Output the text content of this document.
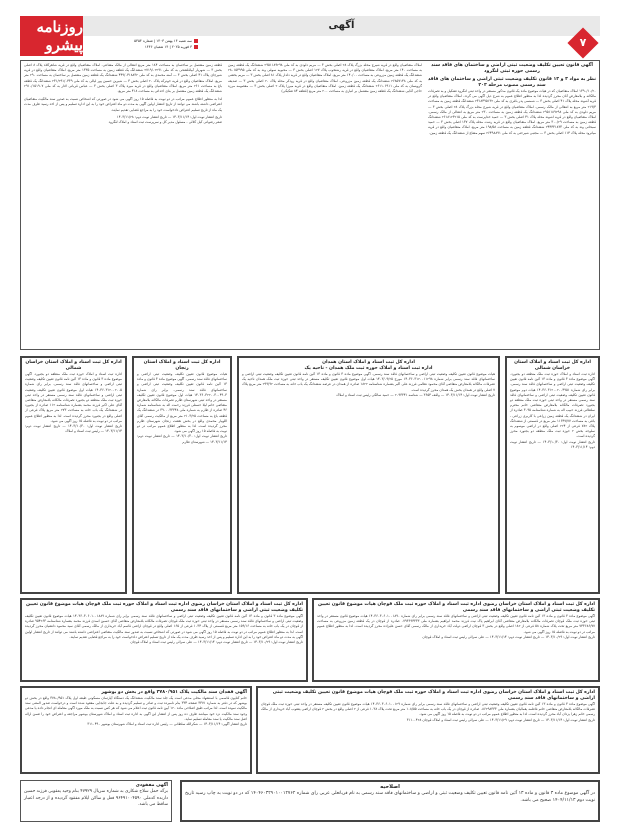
روزنامه پیشرو
آگهی
سه شنبه ۱۴ بهمن ۱۴۰۳ | شماره ۵۳۵۴
۳ فوریه ۲۰۲۵ | ۱۴ شعبان ۱۴۴۶	۷
آگهی قانون تعیین تکلیف وضعیت ثبتی اراضی و ساختمان های فاقد سند رسمی حوزه ثبتی لنگرود
نظر به مواد ۳ و ۱۳ قانون تکلیف وضعیت ثبتی اراضی و ساختمان های فاقد سند رسمی مصوب مرحله ۲۰۳

۱۳۹۰/۱۰/۲۰ املاک متقاضیان که در هیات موضوع ماده یک قانون مذکور مستقر در واحد ثبتی لنگرود تشکیل و به تصرفات مالکانه و بلامعارض آنان محرز گردیده لذا به منظور اطلاع عموم به شرح ذیل آگهی می گردد. املاک متقاضیان واقع در قریه آشوند محله پلاک ۴۱ اصلی بخش ۳ — شمسی پدر بافری به کد ملی ۲۳۱۸۴۹۵۱۳۲ ششدانگ قطعه زمین به مساحت ۲۱۹/۴ متر مربع به انتقالی از مالک رسمی. املاک متقاضیان واقع در قریه شیرج محله بزرگ پلاک ۲۸ اصلی بخش ۳ — مریم دلودی به کد ملی ۲۹۵۱۱۸۹۲۹۸ ششدانگ یک قطعه زمین به مساحت ۲۳۰ متر مربع به انتقالی از مالک رسمی. املاک متقاضیان واقع در قریه اشوند محله پلاک ۴۱ اصلی بخش ۳ — حمید خداپرست به کد ملی ۲۶۱۸۱۲۳۲۱۵ ششدانگ قطعه زمین به مساحت ۳۰۰/۲۹ متر مربع. املاک متقاضیان واقع در قریه رشت محله پلاک ۱۳۷ اصلی بخش ۳ — حمید سبحانی وند به کد ملی ۲۴۴۴۳۱۸۳۳ ششدانگ قطعه زمین به مساحت ۱۹۸/۵۸ متر مربع. املاک متقاضیان واقع در قریه میانرود محله پلاک ۱۱۴ اصلی بخش ۳ — مجتبی شیرحتی به کد ملی ۲۶۴۹۸۸۹۱ سهم مشاع از ششدانگ یک قطعه زمین.

املاک متقاضیان واقع در قریه شیرج محله بزرگ پلاک ۲۸ اصلی بخش ۳ — مریم دلودی به کد ملی ۲۹۵۱۱۸۹۲۹۸ ششدانگ یک قطعه زمین به مساحت ۱۴۰ متر مربع. املاک متقاضیان واقع در قریه رشتخوب پلاک ۱۲۷ اصلی بخش ۳ — محبوبه سوقی وند به کد ملی ۲۸۰۱۵۴۹۹۵ ششدانگ یک قطعه زمین مزروعی به مساحت ۱۴۰/۰۰ متر مربع. املاک متقاضیان واقع در قریه دلدار پلاک ۸۱ اصلی بخش ۳ — مریم بخشی به کد ملی ۲۶۸۵۷۱۴۸ ششدانگ یک قطعه زمین مزروعی. املاک متقاضیان واقع در قریه رودکر محله پلاک ۲۰ اصلی بخش ۳ — صدیقه گرویسان به کد ملی ۲۶۱۱۰۶۹۱۱ ششدانگ یک قطعه زمین. املاک متقاضیان واقع در قریه میرزا پلاک ۲ اصلی بخش ۳ — معصومه مرزه حاجی آقایی ششدانگ یک قطعه زمین مشتمل بر انباری به مساحت ۲۰۰ متر مربع (قطعه ۸۴ تفکیکی)

قطعه زمین مشتمل بر ساختمان به مساحت ۱۸۴ متر مربع انتقالی از مالک مشاعی. املاک متقاضیان واقع در قریه شاهرکلاه پلاک ۸ اصلی بخش ۳ — شهریار آبیاقلشحی به کد ملی ۲۷۱۹/۰۲۲۹۱ ششدانگ یک قطعه زمین به مساحت ۱۳۳۵ متر مربع. املاک متقاضیان واقع در قریه شیرچای پلاک ۴۱ اصلی بخش ۳ — آمنه محمدی به کد ملی ۴۴۹/۰۴۱۸۸۳۲ ششدانگ یک قطعه زمین مشتمل بر ساختمان به مساحت ۲۹۰ متر مربع. املاک متقاضیان واقع در قریه خونرکه پلاک ۲۰ اصلی بخش ۳ — شیرین حسین پور لیالی به کد ملی ۲۳۱/۲۹۱/۰۴۳۹ ششدانگ یک قطعه باغ به مساحت ۲۶۱ متر مربع. املاک متقاضیان واقع در قریه میره پلاک ۳ اصلی بخش ۳ — عباس قربانی لاتار به کد ملی ۲۹۱۰/۱۵۱۹۰۷ ششدانگ یک قطعه زمین مشتمل بر بنای احداثی به مساحت ۴۱۸ متر مربع.

لذا به منظور اطلاع عموم مراتب در دو نوبت به فاصله ۱۵ روز آگهی می شود در صورتی که اشخاص نسبت به صدور سند مالکیت متقاضیان اعتراضی داشته باشند می توانند از تاریخ انتشار اولین آگهی به مدت دو ماه اعتراض خود را به این اداره تسلیم و پس از اخذ رسید ظرف مدت یک ماه از تاریخ تسلیم اعتراض دادخواست خود را به مراجع قضایی تقدیم نمایند.

تاریخ انتشار نوبت اول: ۱۴۰۳/۱۱/۱۴ — تاریخ انتشار نوبت دوم: ۱۴۰۳/۱۱/۲۸

صفر رضوانی کیل کلائی - مسئول مدیر کل و سرپرست ثبت اسناد و املاک لنگرود

اداره کل ثبت اسناد و املاک استان خراسان شمالی

اداره ثبت اسناد و املاک حوزه ثبت ملک منطقه دو بجنورد. آگهی موضوع ماده ۳ قانون و ماده ۱۳ آئین نامه قانون تعیین تکلیف وضعیت ثبتی اراضی و ساختمانهای فاقد سند رسمی. برابر رای شماره ۱۴۰۳۶۰۳۱۲۰۰۲۰۰۵ هیات اول موضوع قانون تعیین تکلیف وضعیت ثبتی اراضی و ساختمانهای فاقد سند رسمی مستقر در واحد ثبتی حوزه ثبت ملک منطقه دو بجنورد تصرفات مالکانه بلامعارض متقاضی آقای علی اکبر فرزند محمد بشماره شناسنامه ۱۱۲ صادره از بجنورد در ششدانگ یک باب خانه به مساحت ۲۷۳ متر مربع پلاک فرعی از اصلی واقع در بجنورد محرز گردیده است. لذا به منظور اطلاع عموم مراتب در دو نوبت به فاصله ۱۵ روز آگهی می شود.

تاریخ انتشار نوبت اول: ۱۴۰۳/۱۰/۳۰ — تاریخ انتشار نوبت دوم: ۱۴۰۳/۱۱/۱۴ — رئیس ثبت اسناد و املاک

اداره کل ثبت اسناد و املاک استان زنجان

هیات موضوع قانون تعیین تکلیف وضعیت ثبتی اراضی و ساختمانهای فاقد سند رسمی. آگهی موضوع ماده ۳ قانون و ماده ۱۳ آئین نامه قانون تعیین تکلیف وضعیت ثبتی اراضی و ساختمانهای فاقد سند رسمی. برابر رای شماره ۱۴۰۳۶۰۳۲۲۰۰۳۰۰۴۹۰۳ هیات اول موضوع قانون تعیین تکلیف مستقر در واحد ثبتی شهرستان طارم تصرفات مالکانه بلامعارض متقاضی خانم لیلا حسنلی فرزند رحمت اله به شناسنامه شماره ۴۶ صادره از طارم به شماره ملی ۳۹۰۰۰۳۳۳۴۸ در ششدانگ یک قطعه باغ به مساحت ۲۱۰۳/۲۵ متر مربع از مالکیت رسمی آقای اللهیار محمدی واقع در بخش هشت زنجان شهرستان طارم محرز گردیده است. لذا به منظور اطلاع عموم مراتب در دو نوبت به فاصله ۱۵ روز آگهی می شود.

تاریخ انتشار نوبت اول: ۱۴۰۳/۱۰/۳۰ — تاریخ انتشار نوبت دوم: ۱۴۰۳/۱۱/۱۴ — شهرستان طارم

اداره کل ثبت اسناد و املاک استان همدان
اداره ثبت اسناد و املاک حوزه ثبت ملک همدان - ناحیه یک

هیات موضوع قانون تعیین تکلیف وضعیت ثبتی اراضی و ساختمانهای فاقد سند رسمی. آگهی موضوع ماده ۳ قانون و ماده ۱۳ آئین نامه قانون تعیین تکلیف وضعیت ثبتی اراضی و ساختمانهای فاقد سند رسمی برابر شماره ۱۴۰۳۶۰۳۱۲۰۰۱۱۲۹۸ مورخ ۱۴۰۳/۰۹/۲۵ هیات اول موضوع قانون تعیین تکلیف مستقر در واحد ثبتی حوزه ثبت ملک همدان ناحیه یک تصرفات مالکانه بلامعارض متقاضی آقای محمود نظامی فرزند علی اکبر بشماره شناسنامه ۱۸۲۲ صادره از همدان در عرصه ششدانگ یک باب خانه به مساحت ۲۹۹/۹۲ متر مربع پلاک ۷ اصلی واقع در همدان بخش یک همدان محرز گردیده است.

تاریخ انتشار نوبت اول: ۱۴۰۳/۱۱/۱۴ — واقف ۳۶۵۴ — شناسه ۲۰۹۳۳۴۱ — حمید سالکی رئیس ثبت اسناد و املاک

اداره کل ثبت اسناد و املاک استان خراسان شمالی

اداره ثبت اسناد و املاک حوزه ثبت ملک منطقه دو بجنورد. آگهی موضوع ماده ۳ قانون و ماده ۱۳ آئین نامه قانون تعیین تکلیف وضعیت ثبتی اراضی و ساختمانهای فاقد سند رسمی. برابر رای شماره ۱۴۰۳۶۰۳۱۲۰۰۲۰۰۴۹۵۱ هیات دوم موضوع قانون تعیین تکلیف وضعیت ثبتی اراضی و ساختمانهای فاقد سند رسمی مستقر در واحد ثبتی حوزه ثبت ملک منطقه دو بجنورد تصرفات مالکانه بلامعارض متقاضی خانم محترم سلطانی فرزند حبیب اله به شماره شناسنامه ۳۰۹۵ صادره از ایران در ششدانگ یک قطعه زمین زراعی با کاربری زراعی - باغی به مساحت ۱۱۶۴۷/۷۷ متر مربع در قسمتی از ششدانگ پلاک ۷۸۲ فرعی از ۲۲۴ اصلی واقع در اراضی موسوم به سلوجه بخش ۲ حوزه ثبت ملک منطقه دو بجنورد محرز گردیده است.

تاریخ انتشار نوبت اول: ۱۴۰۳/۱۰/۳۰ — تاریخ انتشار نوبت دوم: ۱۴۰۳/۱۱/۱۴

اداره کل ثبت اسناد و املاک استان خراسان رضوی اداره ثبت اسناد و املاک حوزه ثبت ملک قوچان هیات موضوع قانون تعیین تکلیف وضعیت ثبتی اراضی و ساختمانهای فاقد سند رسمی

آگهی موضوع ماده ۳ قانون و ماده ۱۳ آئین نامه قانون تعیین تکلیف وضعیت ثبتی اراضی و ساختمانهای فاقد سند رسمی برابر رای شماره ۱۴۰۳۶۰۳۰۶۰۱۰۰۱۸۸۹ هیات موضوع قانون تعیین تکلیف وضعیت ثبتی اراضی و ساختمانهای فاقد سند رسمی مستقر در واحد ثبتی حوزه ثبت ملک قوچان تصرفات مالکانه بلامعارض متقاضی آقای حسین اسدی فرزند محمد بشماره شناسنامه ۹۵۴۲۶۳ صادره از قوچان در یک باب خانه به مساحت ۱۵۹/۱۶ متر مربع قسمتی از پلاک ۱۰۳۴ فرعی از ۱۶۵ اصلی واقع در قوچان اراضی قاسم آباد خریداری از مالک رسمی آقای سید محمود دانشیان محرز گردیده است. لذا به منظور اطلاع عموم مراتب در دو نوبت به فاصله ۱۵ روز آگهی می شود در صورتی که اشخاص نسبت به صدور سند مالکیت متقاضی اعتراضی داشته باشند می توانند از تاریخ انتشار اولین آگهی به مدت دو ماه اعتراض خود را به این اداره تسلیم و پس از اخذ رسید ظرف مدت یک ماه از تاریخ تسلیم اعتراض دادخواست خود را به مراجع قضایی تقدیم نمایند.

تاریخ انتشار نوبت اول: ۱۴۰۳/۱۰/۲۹ — تاریخ انتشار نوبت دوم: ۱۴۰۳/۱۱/۱۴ — علی سرائی رئیس ثبت اسناد و املاک قوچان

اداره کل ثبت اسناد و املاک استان خراسان رضوی اداره ثبت اسناد و املاک حوزه ثبت ملک قوچان هیات موضوع قانون تعیین تکلیف وضعیت ثبتی اراضی و ساختمانهای فاقد سند رسمی

آگهی موضوع ماده ۳ قانون و ماده ۱۳ آئین نامه قانون تعیین تکلیف وضعیت ثبتی اراضی و ساختمانهای فاقد سند رسمی برابر رای شماره ۱۴۰۳۶۰۳۰۶۰۱۰۰۱۸۹۰ هیات موضوع قانون مستقر در واحد ثبتی حوزه ثبت ملک قوچان تصرفات مالکانه بلامعارض متقاضی آقای ابراهیم پاک نیت فرزند محمد ابراهیم بشماره ملی ۰۷۹۳۶۹۴۳۳۳ صادره از قوچان در یک قطعه زمین مزروعی به مساحت ۷۴۳۶۸۶/۷۷ متر مربع تحت پلاک شماره ۵۸ فرعی از ۱۸۲ اصلی واقع در بخش ۳ قوچان اراضی دولت آباد خریداری از مالک رسمی آقای حسن علیزاده محرز گردیده است. لذا به منظور اطلاع عموم مراتب در دو نوبت به فاصله ۱۵ روز آگهی می شود.

تاریخ انتشار نوبت اول: ۱۴۰۳/۱۰/۲۹ — تاریخ انتشار نوبت دوم: ۱۴۰۳/۱۱/۱۴ — علی سرائی رئیس ثبت اسناد و املاک قوچان

آگهی فقدان سند مالکیت پلاک ۳۷۸۰/۹۵۱ واقع در بخش دو بوشهر

خانم کتایون قاسمی با استشهاد محلی مدعی است یک جلد سند مالکیت ششدانگ یک دستگاه آپارتمان مسکونی طبقه اول پلاک ۳۷۸۰/۹۵۱ واقع در بخش دو بوشهر که در دفتر به شماره ۳۳۷۱ صفحه ۳۳۴ بنام نامبرده ثبت و صادر و تسلیم گردیده و به علت جابجایی مفقود شده است و درخواست صدور المثنی سند مالکیت نموده است. لذا مراتب طبق اصلاحی ماده ۱۲۰ آیین نامه قانون ثبت اعلام می شود که هر کس نسبت به ملک مورد آگهی معامله ای انجام داده یا مدعی وجود سند مالکیت نزد خود میباشد ظرف ده روز پس از انتشار این آگهی به اداره ثبت اسناد و املاک شهرستان بوشهر مراجعه و اعتراض خود را ضمن ارائه اصل سند مالکیت یا سند معامله تسلیم نماید.

تاریخ انتشار آگهی: ۱۴۰۳/۱۱/۱۴ — شکرالله سلطانی — رئیس اداره ثبت اسناد و املاک شهرستان بوشهر ۳۱۱۰۴۹۰

اداره کل ثبت اسناد و املاک استان خراسان رضوی اداره ثبت اسناد و املاک حوزه ثبت ملک قوچان هیات موضوع قانون تعیین تکلیف وضعیت ثبتی اراضی و ساختمانهای فاقد سند رسمی

آگهی موضوع ماده ۳ قانون و ماده ۱۳ آئین نامه قانون تعیین تکلیف وضعیت ثبتی اراضی و ساختمانهای فاقد سند رسمی برابر رای شماره ۱۴۰۳۶۰۳۰۶۰۱۰۰۱۲۹ هیات موضوع قانون تعیین تکلیف مستقر در واحد ثبتی حوزه ثبت ملک قوچان تصرفات مالکانه بلامعارض متقاضی خانم فاطمه یغمائیان بشماره ملی ۰۸۶۲۹۸۳۳۳ صادره از قوچان در یک باب خانه به مساحت ۱۰۸/۵۵ متر مربع تحت پلاک ۱۰۳۸ فرعی از ۲ اصلی واقع در بخش ۲ قوچان اراضی یعقوب آباد خریداری از مالک رسمی خانم زهرا یزدان آباد محرز گردیده است. لذا به منظور اطلاع عموم مراتب در دو نوبت به فاصله ۱۵ روز آگهی می شود.

تاریخ انتشار نوبت اول: ۱۴۰۳/۱۱/۱۴ — تاریخ انتشار نوبت دوم: ۱۴۰۳/۱۱/۲۹ — علی سرائی رئیس ثبت اسناد و املاک قوچان ۳۱۱۰۰۴۲۸

آگهی مفقودی

برگه حمل سلاح شکاری به شماره سریال ۴۷۹۲۹ بنام وحید یعقوبی فرزند حسین دارنده کدملی ۹۶۴۹۱۰۰۴۵۹۰ فعل و ساکن ایلام مفقود گردیده و از درجه اعتبار ساقط می باشد.

اصلاحیه

در آگهی موضوع ماده ۳ قانون و ماده ۱۳ آئین نامه قانون تعیین تکلیف وضعیت ثبتی و اراضی و ساختمانهای فاقد سند رسمی به نام قربانعلی عربی رای شماره ۱۴۰۴۶۰۳۲۹۰۱۰۰۱۲۷۶۲ که در دو نوبت به چاپ رسید تاریخ نوبت دوم ۱۴۰۴/۱۱/۱۳ صحیح می باشد.
